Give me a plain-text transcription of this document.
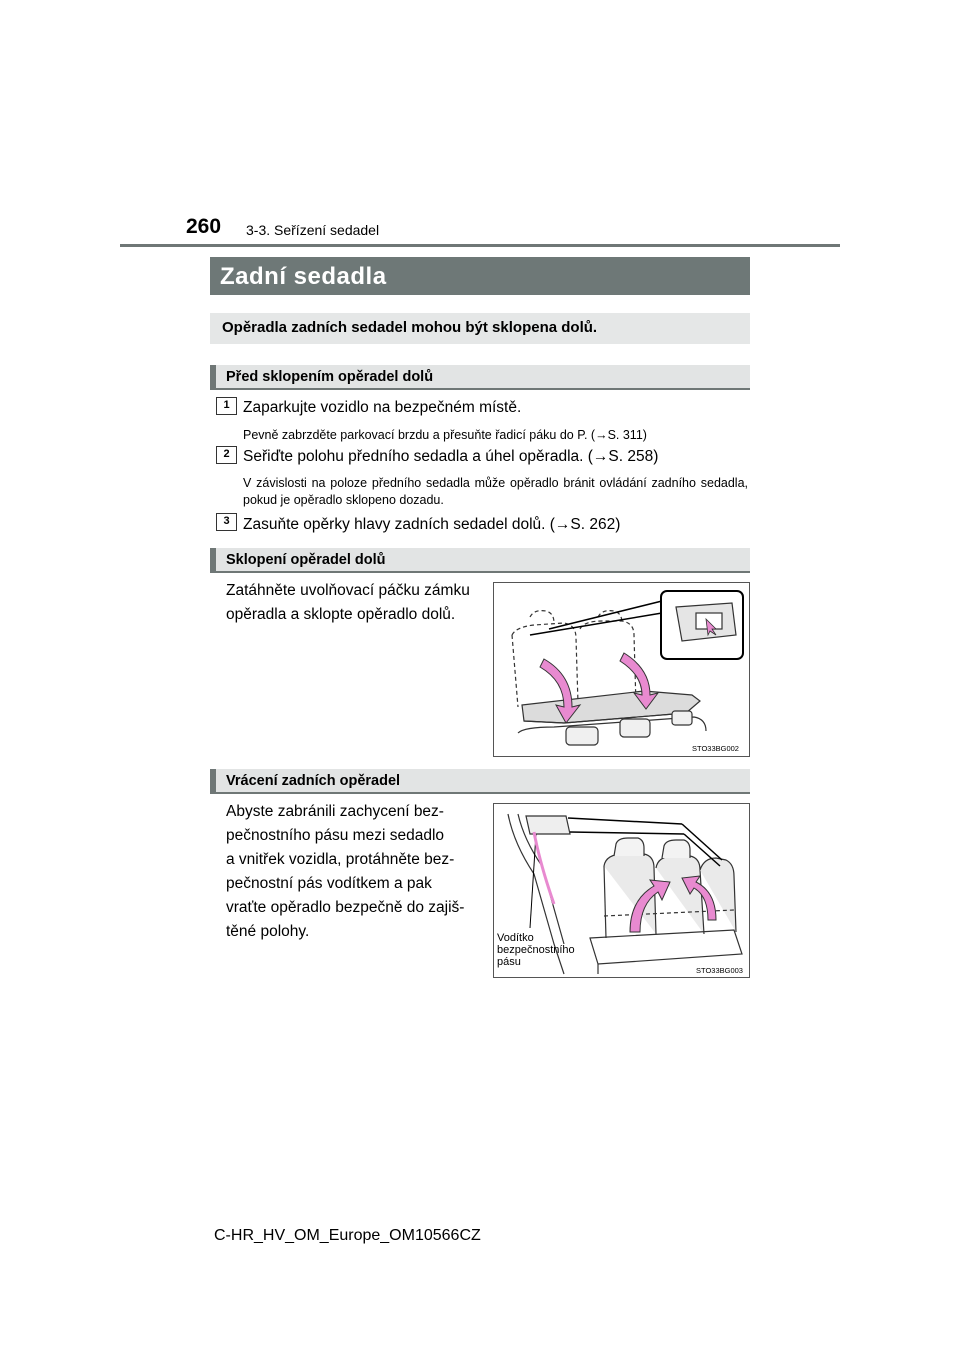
260 3-3. Seřízení sedadel
Zadní sedadla
Opěradla zadních sedadel mohou být sklopena dolů.
Před sklopením opěradel dolů
1 Zaparkujte vozidlo na bezpečném místě.
Pevně zabrzděte parkovací brzdu a přesuňte řadicí páku do P. (→S. 311)
2 Seřiďte polohu předního sedadla a úhel opěradla. (→S. 258)
V závislosti na poloze předního sedadla může opěradlo bránit ovládání zadního sedadla, pokud je opěradlo sklopeno dozadu.
3 Zasuňte opěrky hlavy zadních sedadel dolů. (→S. 262)
Sklopení opěradel dolů
Zatáhněte uvolňovací páčku zámku
opěradla a sklopte opěradlo dolů.
STO33BG002
Vrácení zadních opěradel
Abyste zabránili zachycení bez-
pečnostního pásu mezi sedadlo
a vnitřek vozidla, protáhněte bez-
pečnostní pás vodítkem a pak
vraťte opěradlo bezpečně do zajiš-
těné polohy.
STO33BG003
Vodítko
bezpečnostního
pásu
C-HR_HV_OM_Europe_OM10566CZ
